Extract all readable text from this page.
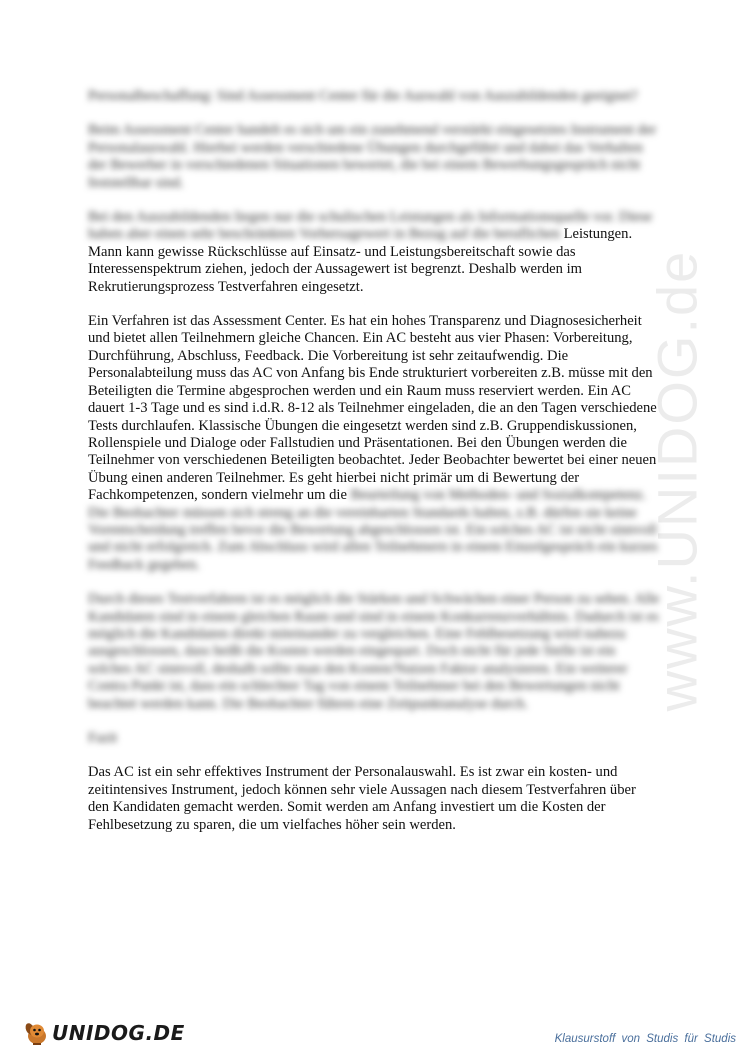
www.UNIDOG.de

Personalbeschaffung: Sind Assessment Center für die Auswahl von Auszubildenden geeignet?

Beim Assessment Center handelt es sich um ein zunehmend verstärkt eingesetztes Instrument der Personalauswahl. Hierbei werden verschiedene Übungen durchgeführt und dabei das Verhalten der Bewerber in verschiedenen Situationen bewertet, die bei einem Bewerbungsgespräch nicht feststellbar sind.

Bei den Auszubildenden liegen nur die schulischen Leistungen als Informationsquelle vor. Diese haben aber einen sehr beschränkten Vorhersagewert in Bezug auf die beruflichen Leistungen. Mann kann gewisse Rückschlüsse auf Einsatz- und Leistungsbereitschaft sowie das Interessenspektrum ziehen, jedoch der Aussagewert ist begrenzt. Deshalb werden im Rekrutierungsprozess Testverfahren eingesetzt.

Ein Verfahren ist das Assessment Center. Es hat ein hohes Transparenz und Diagnosesicherheit und bietet allen Teilnehmern gleiche Chancen. Ein AC besteht aus vier Phasen: Vorbereitung, Durchführung, Abschluss, Feedback. Die Vorbereitung ist sehr zeitaufwendig. Die Personalabteilung muss das AC von Anfang bis Ende strukturiert vorbereiten z.B. müsse mit den Beteiligten die Termine abgesprochen werden und ein Raum muss reserviert werden. Ein AC dauert 1-3 Tage und es sind i.d.R. 8-12 als Teilnehmer eingeladen, die an den Tagen verschiedene Tests durchlaufen. Klassische Übungen die eingesetzt werden sind z.B. Gruppendiskussionen, Rollenspiele und Dialoge oder Fallstudien und Präsentationen. Bei den Übungen werden die Teilnehmer von verschiedenen Beteiligten beobachtet. Jeder Beobachter bewertet bei einer neuen Übung einen anderen Teilnehmer. Es geht hierbei nicht primär um di Bewertung der Fachkompetenzen, sondern vielmehr um die Beurteilung von Methoden- und Sozialkompetenz. Die Beobachter müssen sich streng an die vereinbarten Standards halten, z.B. dürfen sie keine Vorentscheidung treffen bevor die Bewertung abgeschlossen ist. Ein solches AC ist nicht sinnvoll und nicht erfolgreich. Zum Abschluss wird allen Teilnehmern in einem Einzelgespräch ein kurzes Feedback gegeben.

Durch dieses Testverfahren ist es möglich die Stärken und Schwächen einer Person zu sehen. Alle Kandidaten sind in einem gleichen Raum und sind in einem Konkurrenzverhältnis. Dadurch ist es möglich die Kandidaten direkt miteinander zu vergleichen. Eine Fehlbesetzung wird nahezu ausgeschlossen, dass heißt die Kosten werden eingespart. Doch nicht für jede Stelle ist ein solches AC sinnvoll, deshalb sollte man den Kosten/Nutzen Faktor analysieren. Ein weiterer Contra Punkt ist, dass ein schlechter Tag von einem Teilnehmer bei den Bewertungen nicht beachtet werden kann. Die Beobachter führen eine Zeitpunktanalyse durch.

Fazit

Das AC ist ein sehr effektives Instrument der Personalauswahl. Es ist zwar ein kosten- und zeitintensives Instrument, jedoch können sehr viele Aussagen nach diesem Testverfahren über den Kandidaten gemacht werden. Somit werden am Anfang investiert um die Kosten der Fehlbesetzung zu sparen, die um vielfaches höher sein werden.

UNIDOG.DE	Klausurstoff von Studis für Studis
